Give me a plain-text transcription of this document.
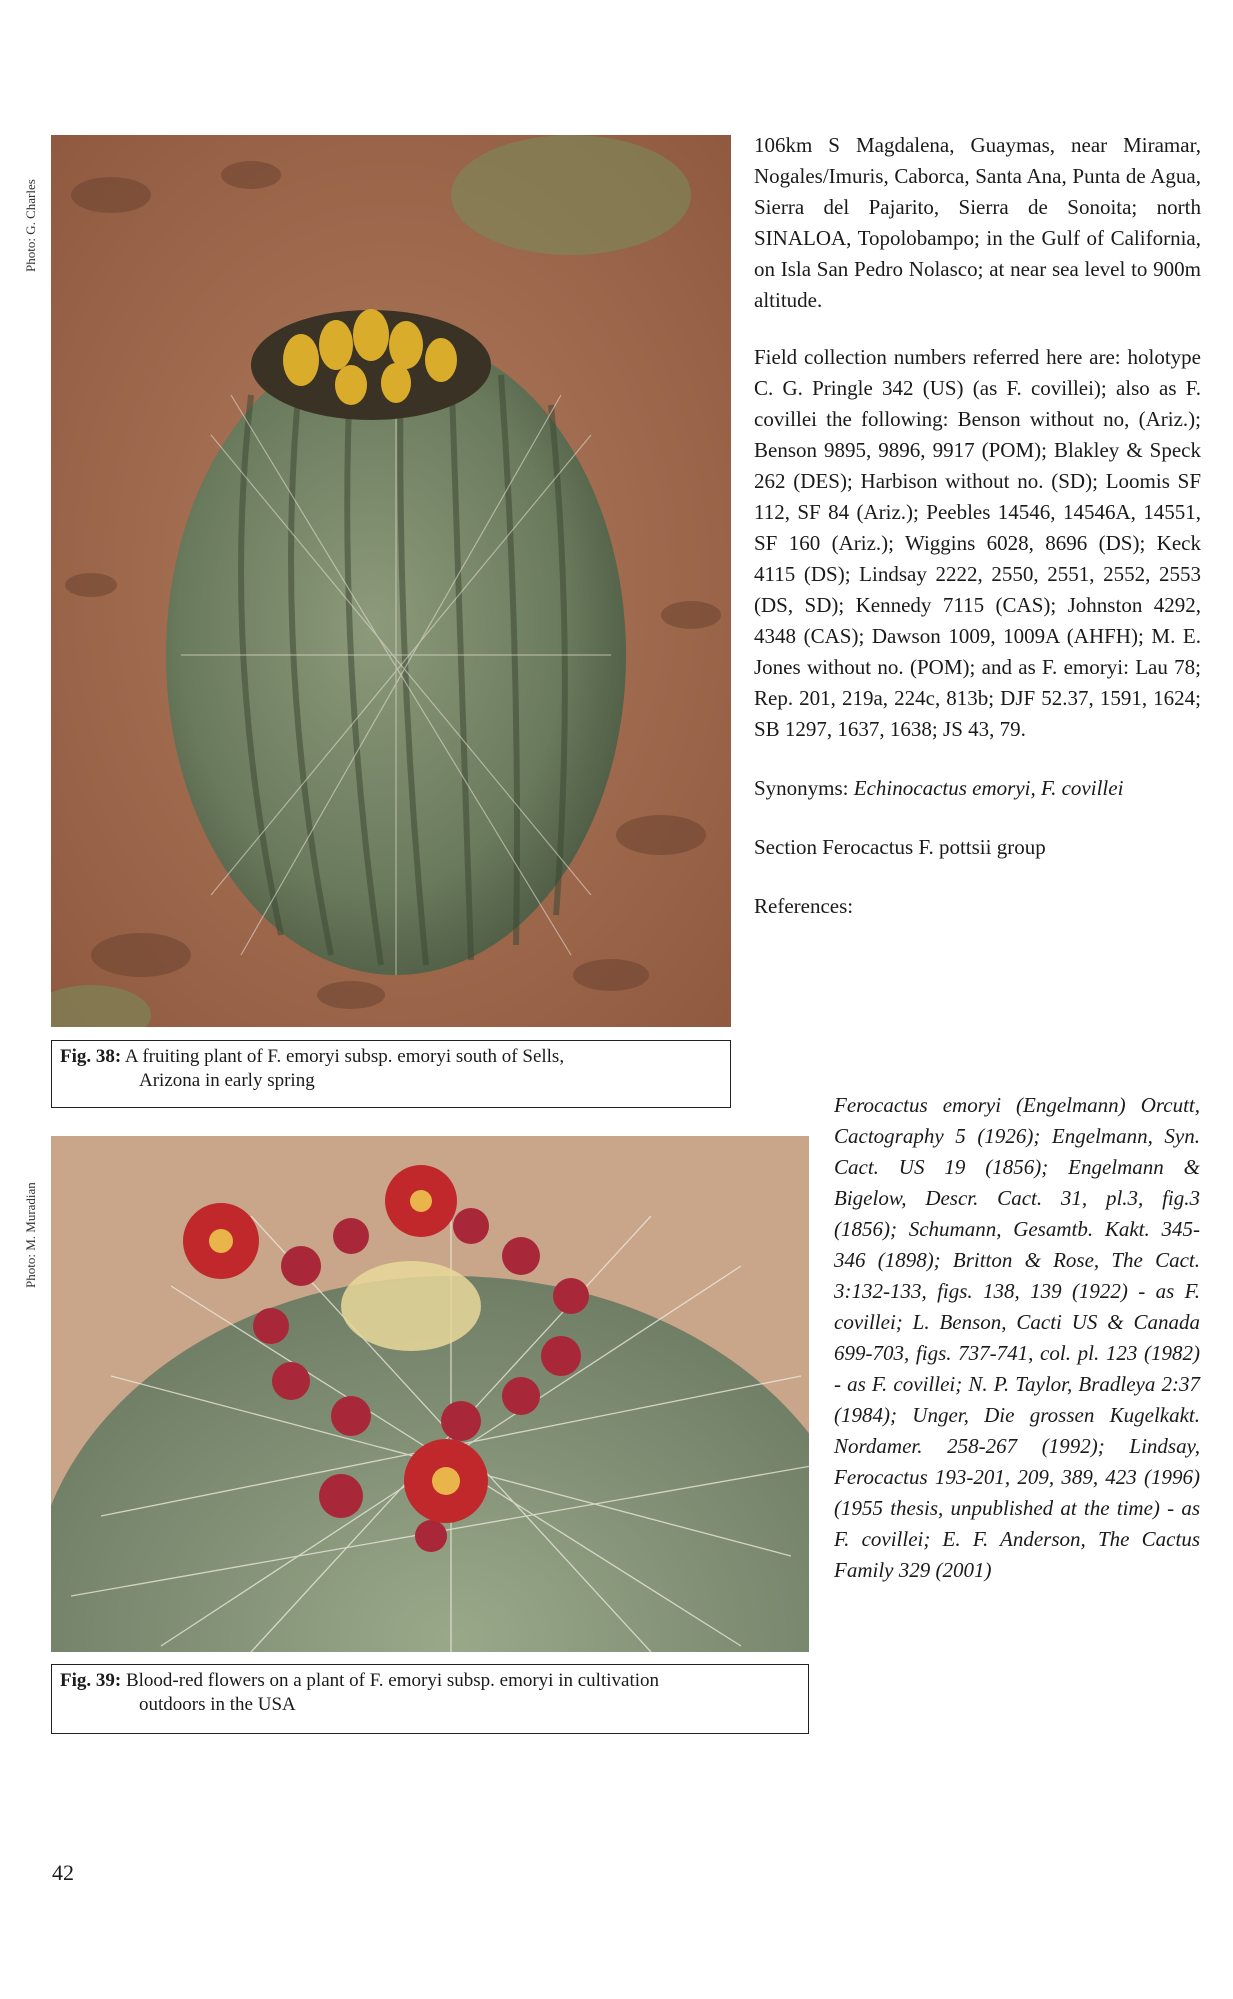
Photo: G. Charles
Photo: M. Muradian
Fig. 38: A fruiting plant of F. emoryi subsp. emoryi south of Sells,
Arizona in early spring
Fig. 39: Blood-red flowers on a plant of F. emoryi subsp. emoryi in cultivation
outdoors in the USA

106km S Magdalena, Guaymas, near Miramar, Nogales/Imuris, Caborca, Santa Ana, Punta de Agua, Sierra del Pajarito, Sierra de Sonoita; north SINALOA, Topolobampo; in the Gulf of California, on Isla San Pedro Nolasco; at near sea level to 900m altitude.

Field collection numbers referred here are: holotype C. G. Pringle 342 (US) (as F. covillei); also as F. covillei the following: Benson without no, (Ariz.); Benson 9895, 9896, 9917 (POM); Blakley & Speck 262 (DES); Harbison without no. (SD); Loomis SF 112, SF 84 (Ariz.); Peebles 14546, 14546A, 14551, SF 160 (Ariz.); Wiggins 6028, 8696 (DS); Keck 4115 (DS); Lindsay 2222, 2550, 2551, 2552, 2553 (DS, SD); Kennedy 7115 (CAS); Johnston 4292, 4348 (CAS); Dawson 1009, 1009A (AHFH); M. E. Jones without no. (POM); and as F. emoryi: Lau 78; Rep. 201, 219a, 224c, 813b; DJF 52.37, 1591, 1624; SB 1297, 1637, 1638; JS 43, 79.

Synonyms: Echinocactus emoryi, F. covillei

Section Ferocactus F. pottsii group

References:

Ferocactus emoryi (Engelmann) Orcutt, Cactography 5 (1926); Engelmann, Syn. Cact. US 19 (1856); Engelmann & Bigelow, Descr. Cact. 31, pl.3, fig.3 (1856); Schumann, Gesamtb. Kakt. 345-346 (1898); Britton & Rose, The Cact. 3:132-133, figs. 138, 139 (1922) - as F. covillei; L. Benson, Cacti US & Canada 699-703, figs. 737-741, col. pl. 123 (1982) - as F. covillei; N. P. Taylor, Bradleya 2:37 (1984); Unger, Die grossen Kugelkakt. Nordamer. 258-267 (1992); Lindsay, Ferocactus 193-201, 209, 389, 423 (1996) (1955 thesis, unpublished at the time) - as F. covillei; E. F. Anderson, The Cactus Family 329 (2001)
42
